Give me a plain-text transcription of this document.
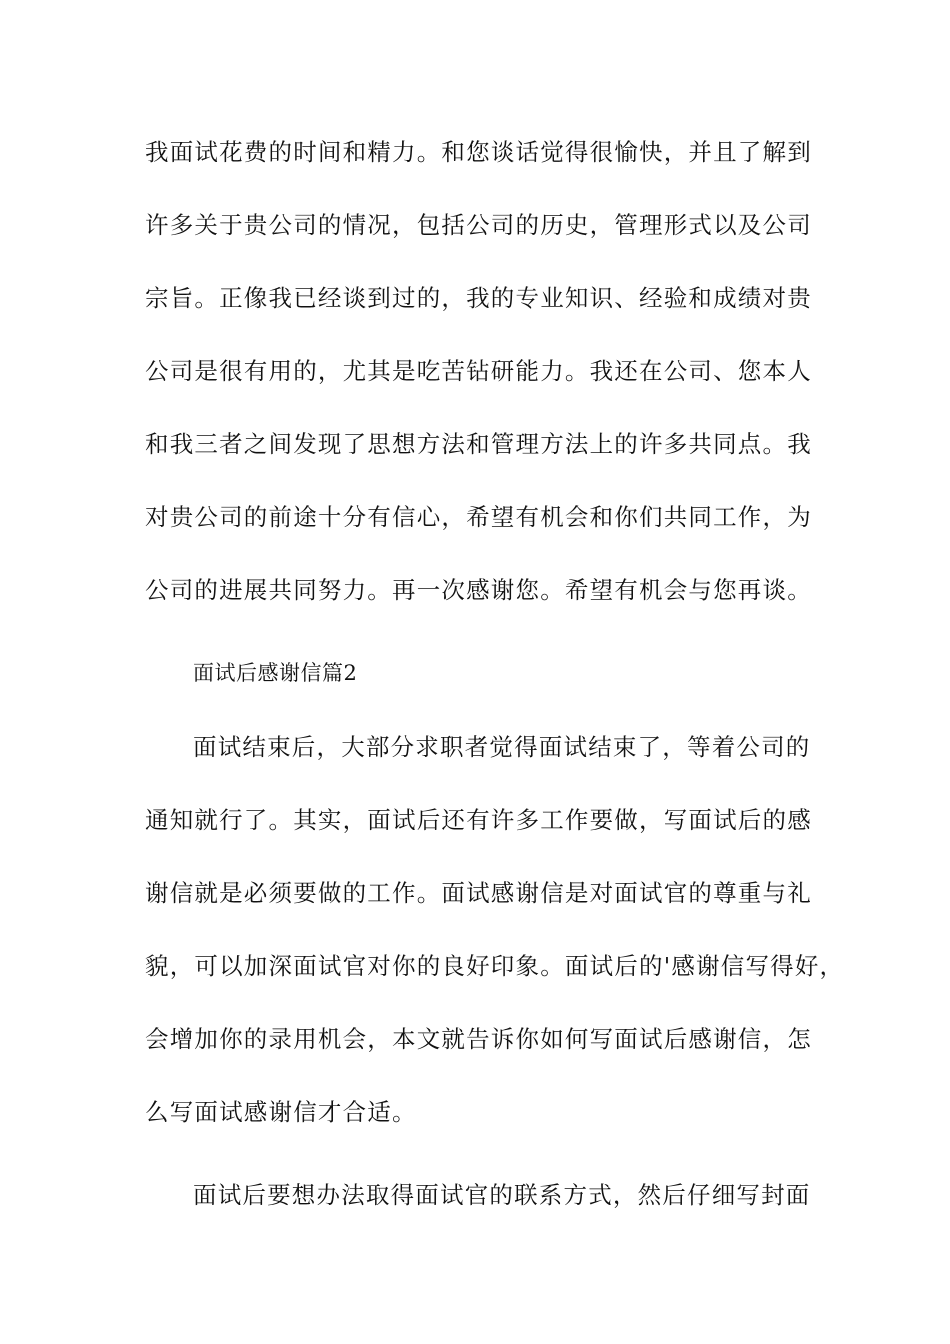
我面试花费的时间和精力。和您谈话觉得很愉快，并且了解到
许多关于贵公司的情况，包括公司的历史，管理形式以及公司
宗旨。正像我已经谈到过的，我的专业知识、经验和成绩对贵
公司是很有用的，尤其是吃苦钻研能力。我还在公司、您本人
和我三者之间发现了思想方法和管理方法上的许多共同点。我
对贵公司的前途十分有信心，希望有机会和你们共同工作，为
公司的进展共同努力。再一次感谢您。希望有机会与您再谈。
面试后感谢信篇2
面试结束后，大部分求职者觉得面试结束了，等着公司的
通知就行了。其实，面试后还有许多工作要做，写面试后的感
谢信就是必须要做的工作。面试感谢信是对面试官的尊重与礼
貌，可以加深面试官对你的良好印象。面试后的'感谢信写得好，
会增加你的录用机会，本文就告诉你如何写面试后感谢信，怎
么写面试感谢信才合适。
面试后要想办法取得面试官的联系方式，然后仔细写封面
